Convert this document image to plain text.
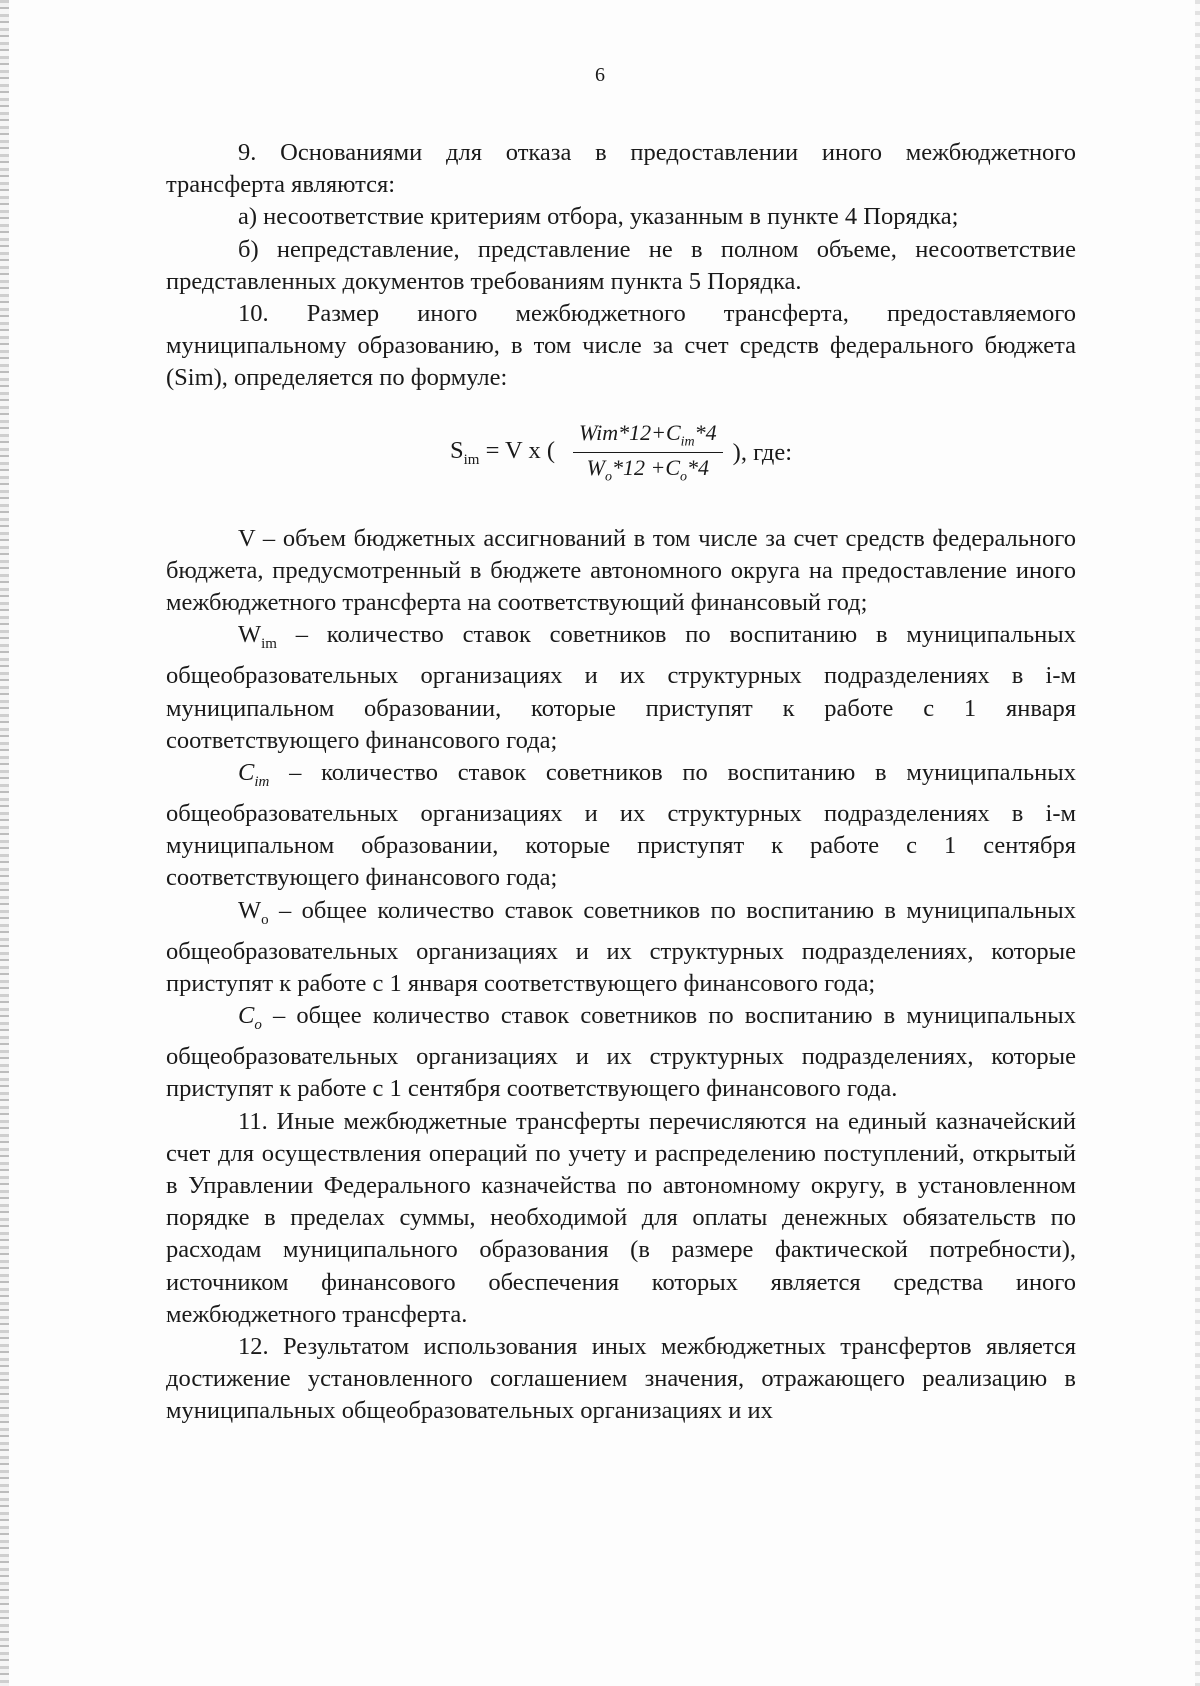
6

9. Основаниями для отказа в предоставлении иного межбюджетного трансферта являются:

а) несоответствие критериям отбора, указанным в пункте 4 Порядка;

б) непредставление, представление не в полном объеме, несоответствие представленных документов требованиям пункта 5 Порядка.

10. Размер иного межбюджетного трансферта, предоставляемого муниципальному образованию, в том числе за счет средств федерального бюджета (Sim), определяется по формуле:

$S_{im} = V$ x ( $\frac{Wim*12+C_{im}*4}{W_o*12 +C_o*4}$ ), где:

V – объем бюджетных ассигнований в том числе за счет средств федерального бюджета, предусмотренный в бюджете автономного округа на предоставление иного межбюджетного трансферта на соответствующий финансовый год;

$W_{im}$ – количество ставок советников по воспитанию в муниципальных общеобразовательных организациях и их структурных подразделениях в i-м муниципальном образовании, которые приступят к работе с 1 января соответствующего финансового года;

$C_{im}$ – количество ставок советников по воспитанию в муниципальных общеобразовательных организациях и их структурных подразделениях в i-м муниципальном образовании, которые приступят к работе с 1 сентября соответствующего финансового года;

$W_o$ – общее количество ставок советников по воспитанию в муниципальных общеобразовательных организациях и их структурных подразделениях, которые приступят к работе с 1 января соответствующего финансового года;

$C_o$ – общее количество ставок советников по воспитанию в муниципальных общеобразовательных организациях и их структурных подразделениях, которые приступят к работе с 1 сентября соответствующего финансового года.

11. Иные межбюджетные трансферты перечисляются на единый казначейский счет для осуществления операций по учету и распределению поступлений, открытый в Управлении Федерального казначейства по автономному округу, в установленном порядке в пределах суммы, необходимой для оплаты денежных обязательств по расходам муниципального образования (в размере фактической потребности), источником финансового обеспечения которых является средства иного межбюджетного трансферта.

12. Результатом использования иных межбюджетных трансфертов является достижение установленного соглашением значения, отражающего реализацию в муниципальных общеобразовательных организациях и их
